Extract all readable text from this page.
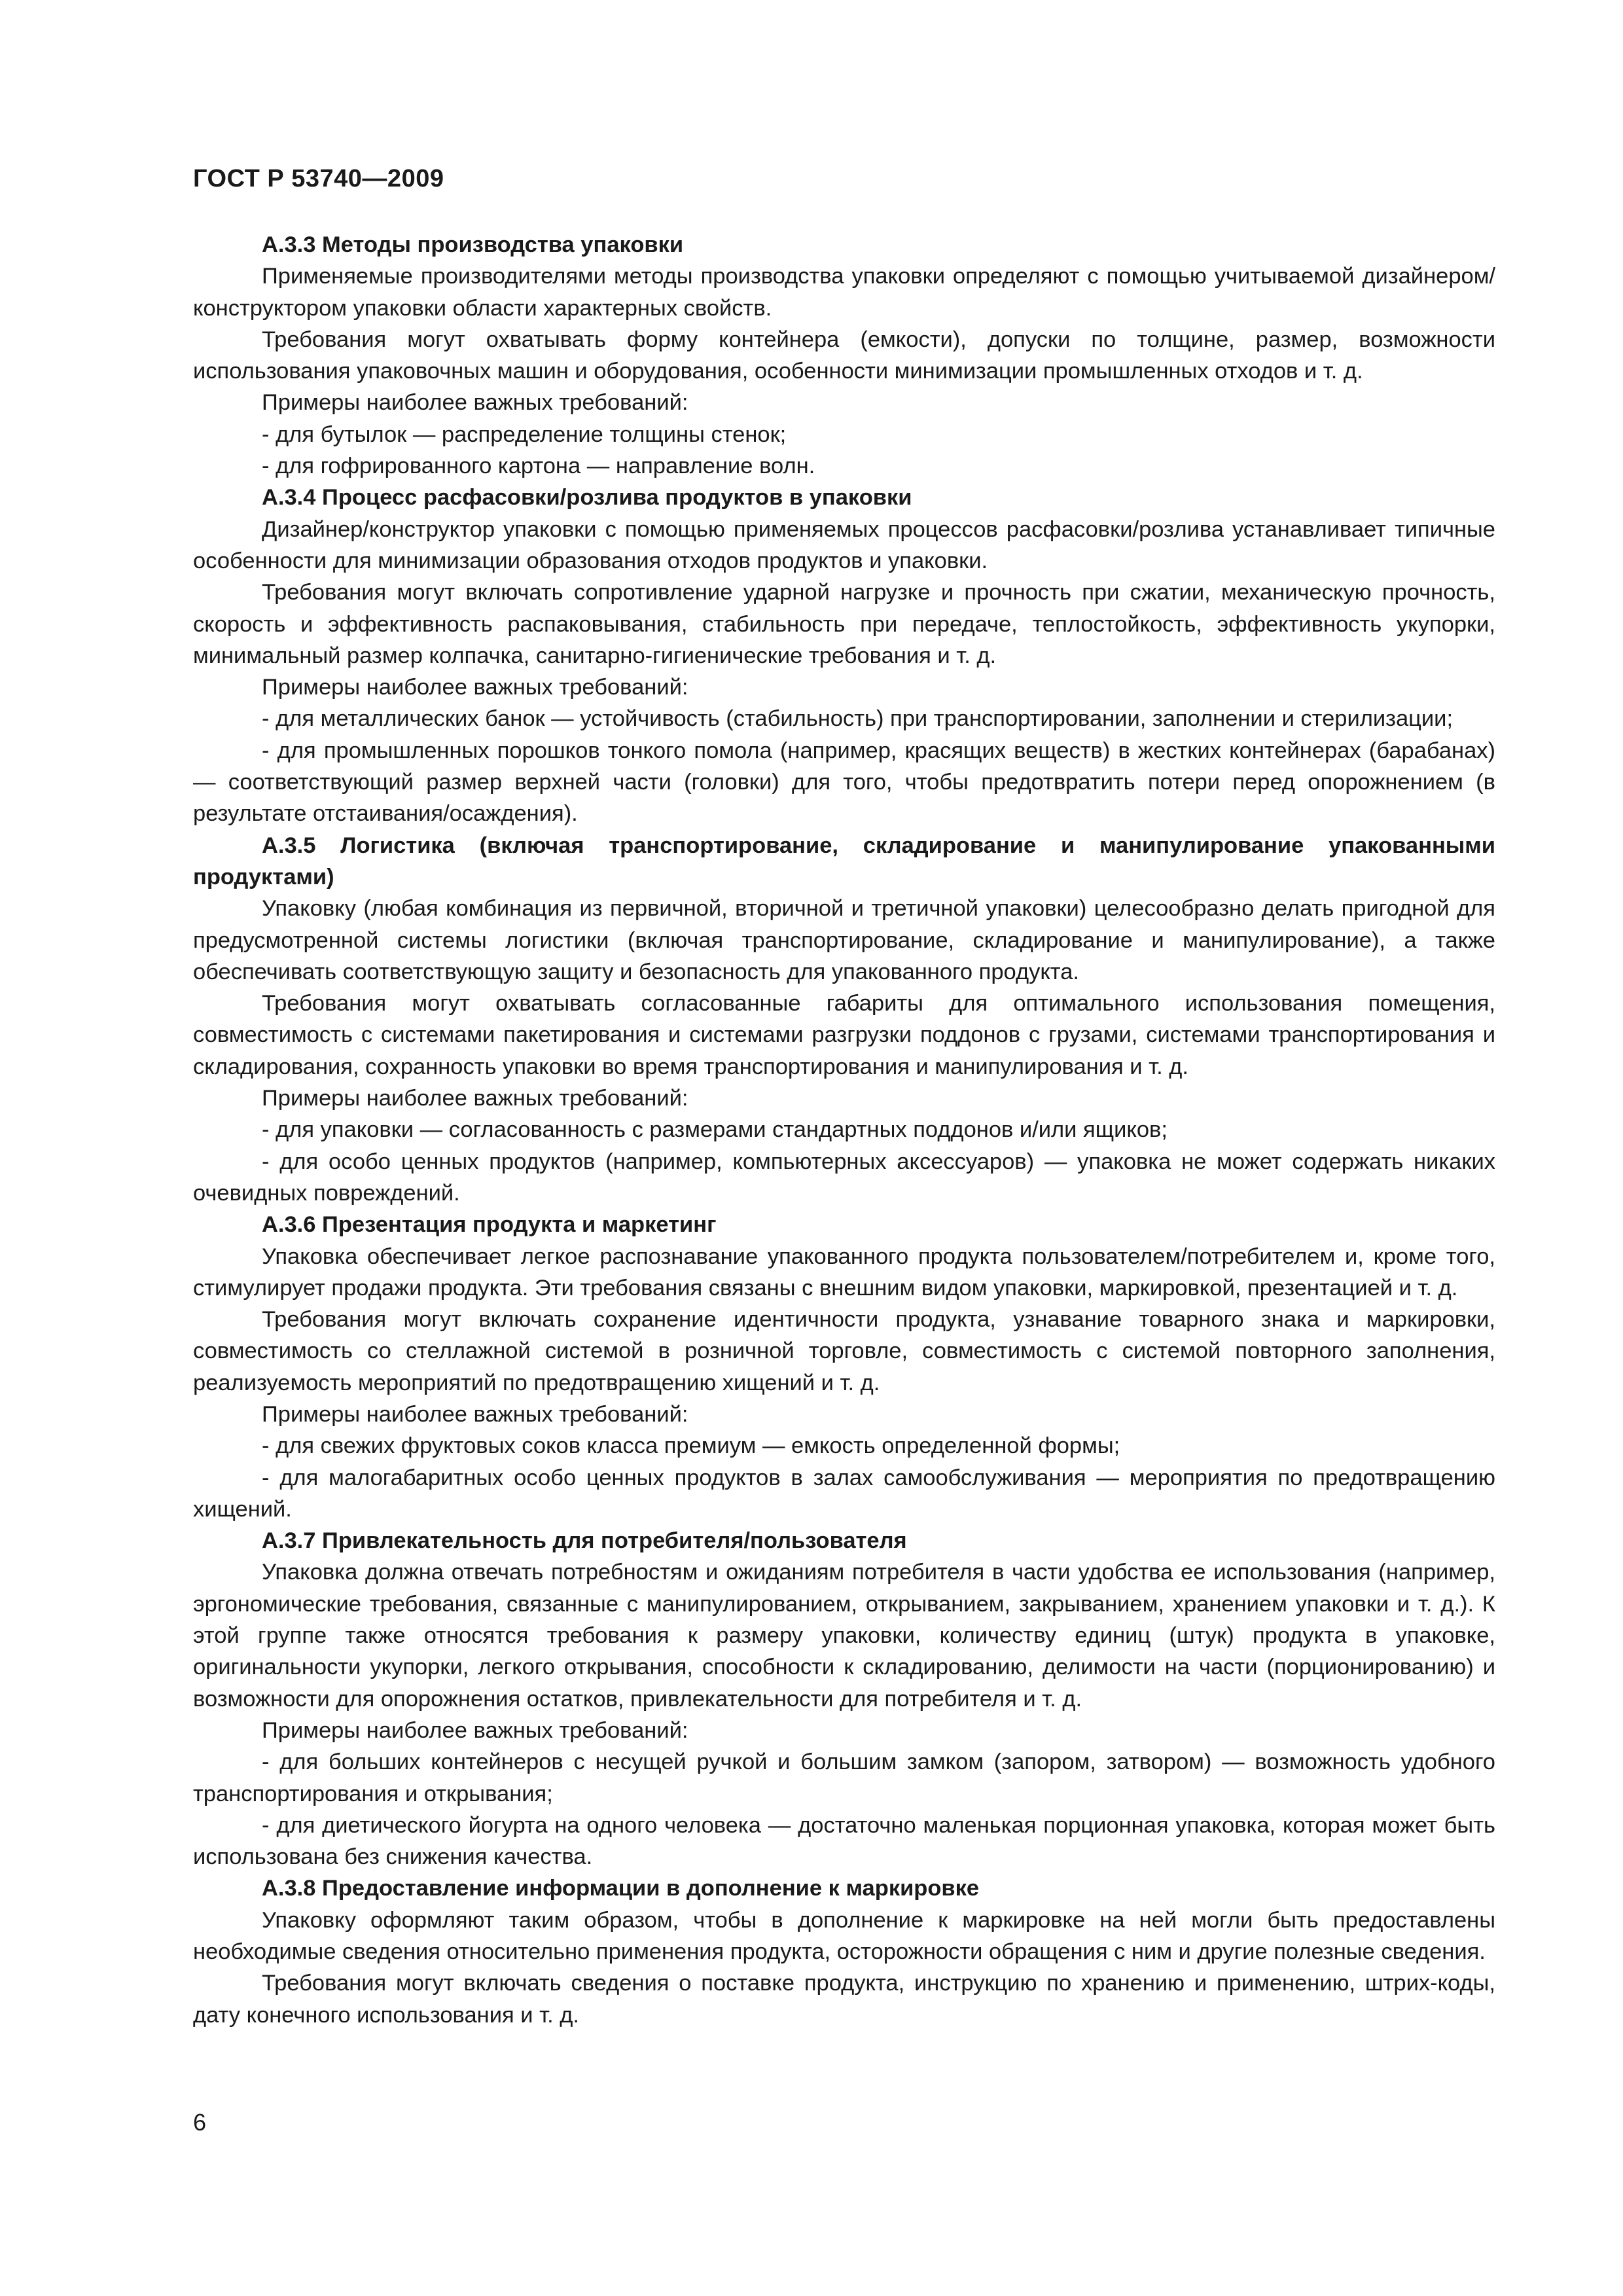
ГОСТ Р 53740—2009

А.3.3 Методы производства упаковки

Применяемые производителями методы производства упаковки определяют с помощью учитываемой дизайнером/конструктором упаковки области характерных свойств.

Требования могут охватывать форму контейнера (емкости), допуски по толщине, размер, возможности использования упаковочных машин и оборудования, особенности минимизации промышленных отходов и т. д.

Примеры наиболее важных требований:

- для бутылок — распределение толщины стенок;

- для гофрированного картона — направление волн.

А.3.4 Процесс расфасовки/розлива продуктов в упаковки

Дизайнер/конструктор упаковки с помощью применяемых процессов расфасовки/розлива устанавливает типичные особенности для минимизации образования отходов продуктов и упаковки.

Требования могут включать сопротивление ударной нагрузке и прочность при сжатии, механическую прочность, скорость и эффективность распаковывания, стабильность при передаче, теплостойкость, эффективность укупорки, минимальный размер колпачка, санитарно-гигиенические требования и т. д.

Примеры наиболее важных требований:

- для металлических банок — устойчивость (стабильность) при транспортировании, заполнении и стерилизации;

- для промышленных порошков тонкого помола (например, красящих веществ) в жестких контейнерах (барабанах) — соответствующий размер верхней части (головки) для того, чтобы предотвратить потери перед опорожнением (в результате отстаивания/осаждения).

А.3.5 Логистика (включая транспортирование, складирование и манипулирование упакованными продуктами)

Упаковку (любая комбинация из первичной, вторичной и третичной упаковки) целесообразно делать пригодной для предусмотренной системы логистики (включая транспортирование, складирование и манипулирование), а также обеспечивать соответствующую защиту и безопасность для упакованного продукта.

Требования могут охватывать согласованные габариты для оптимального использования помещения, совместимость с системами пакетирования и системами разгрузки поддонов с грузами, системами транспортирования и складирования, сохранность упаковки во время транспортирования и манипулирования и т. д.

Примеры наиболее важных требований:

- для упаковки — согласованность с размерами стандартных поддонов и/или ящиков;

- для особо ценных продуктов (например, компьютерных аксессуаров) — упаковка не может содержать никаких очевидных повреждений.

А.3.6 Презентация продукта и маркетинг

Упаковка обеспечивает легкое распознавание упакованного продукта пользователем/потребителем и, кроме того, стимулирует продажи продукта. Эти требования связаны с внешним видом упаковки, маркировкой, презентацией и т. д.

Требования могут включать сохранение идентичности продукта, узнавание товарного знака и маркировки, совместимость со стеллажной системой в розничной торговле, совместимость с системой повторного заполнения, реализуемость мероприятий по предотвращению хищений и т. д.

Примеры наиболее важных требований:

- для свежих фруктовых соков класса премиум — емкость определенной формы;

- для малогабаритных особо ценных продуктов в залах самообслуживания — мероприятия по предотвращению хищений.

А.3.7 Привлекательность для потребителя/пользователя

Упаковка должна отвечать потребностям и ожиданиям потребителя в части удобства ее использования (например, эргономические требования, связанные с манипулированием, открыванием, закрыванием, хранением упаковки и т. д.). К этой группе также относятся требования к размеру упаковки, количеству единиц (штук) продукта в упаковке, оригинальности укупорки, легкого открывания, способности к складированию, делимости на части (порционированию) и возможности для опорожнения остатков, привлекательности для потребителя и т. д.

Примеры наиболее важных требований:

- для больших контейнеров с несущей ручкой и большим замком (запором, затвором) — возможность удобного транспортирования и открывания;

- для диетического йогурта на одного человека — достаточно маленькая порционная упаковка, которая может быть использована без снижения качества.

А.3.8 Предоставление информации в дополнение к маркировке

Упаковку оформляют таким образом, чтобы в дополнение к маркировке на ней могли быть предоставлены необходимые сведения относительно применения продукта, осторожности обращения с ним и другие полезные сведения.

Требования могут включать сведения о поставке продукта, инструкцию по хранению и применению, штрих-коды, дату конечного использования и т. д.

6
